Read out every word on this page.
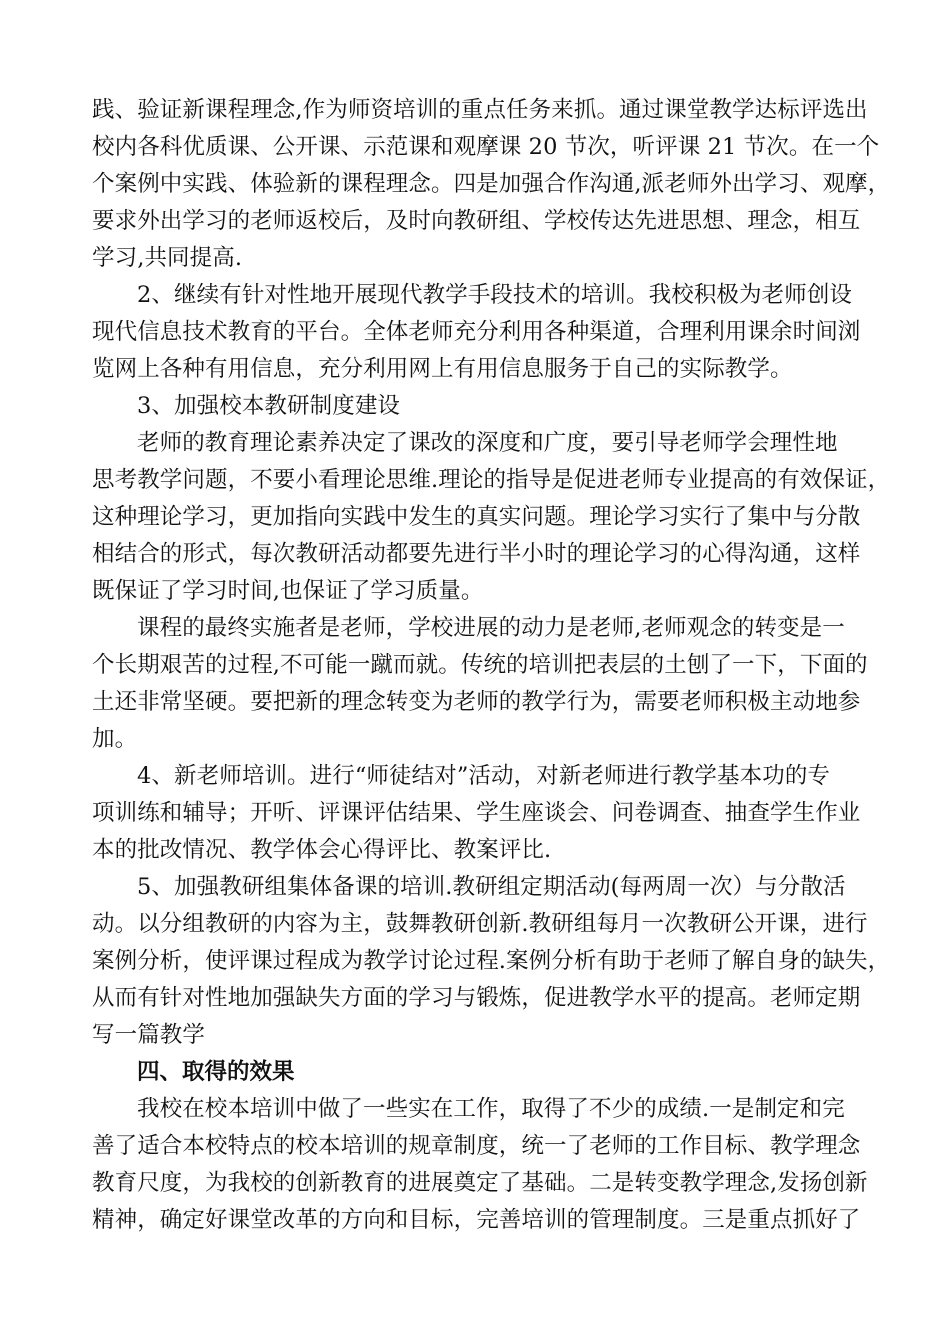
践、验证新课程理念,作为师资培训的重点任务来抓。通过课堂教学达标评选出
校内各科优质课、公开课、示范课和观摩课 20 节次，听评课 21 节次。在一个
个案例中实践、体验新的课程理念。四是加强合作沟通,派老师外出学习、观摩，
要求外出学习的老师返校后，及时向教研组、学校传达先进思想、理念，相互
学习,共同提高.

2、继续有针对性地开展现代教学手段技术的培训。我校积极为老师创设
现代信息技术教育的平台。全体老师充分利用各种渠道，合理利用课余时间浏
览网上各种有用信息，充分利用网上有用信息服务于自己的实际教学。

3、加强校本教研制度建设

老师的教育理论素养决定了课改的深度和广度，要引导老师学会理性地
思考教学问题，不要小看理论思维.理论的指导是促进老师专业提高的有效保证，
这种理论学习，更加指向实践中发生的真实问题。理论学习实行了集中与分散
相结合的形式，每次教研活动都要先进行半小时的理论学习的心得沟通，这样
既保证了学习时间,也保证了学习质量。

课程的最终实施者是老师，学校进展的动力是老师,老师观念的转变是一
个长期艰苦的过程,不可能一蹴而就。传统的培训把表层的土刨了一下，下面的
土还非常坚硬。要把新的理念转变为老师的教学行为，需要老师积极主动地参
加。

4、新老师培训。进行“师徒结对”活动，对新老师进行教学基本功的专
项训练和辅导；开听、评课评估结果、学生座谈会、问卷调查、抽查学生作业
本的批改情况、教学体会心得评比、教案评比.

5、加强教研组集体备课的培训.教研组定期活动(每两周一次）与分散活
动。以分组教研的内容为主，鼓舞教研创新.教研组每月一次教研公开课，进行
案例分析，使评课过程成为教学讨论过程.案例分析有助于老师了解自身的缺失，
从而有针对性地加强缺失方面的学习与锻炼，促进教学水平的提高。老师定期
写一篇教学

四、取得的效果

我校在校本培训中做了一些实在工作，取得了不少的成绩.一是制定和完
善了适合本校特点的校本培训的规章制度，统一了老师的工作目标、教学理念
教育尺度，为我校的创新教育的进展奠定了基础。二是转变教学理念,发扬创新
精神，确定好课堂改革的方向和目标，完善培训的管理制度。三是重点抓好了
